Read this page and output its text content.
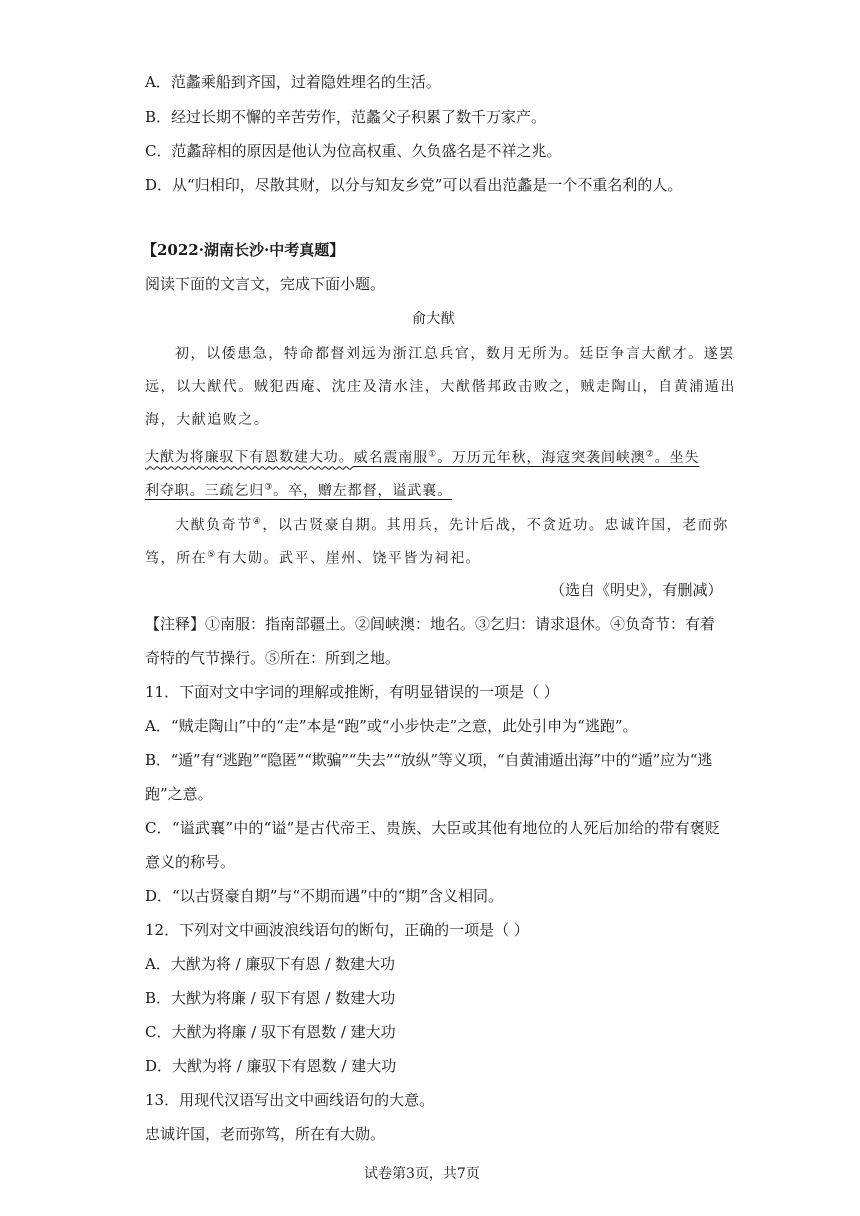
A．范蠡乘船到齐国，过着隐姓埋名的生活。
B．经过长期不懈的辛苦劳作，范蠡父子积累了数千万家产。
C．范蠡辞相的原因是他认为位高权重、久负盛名是不祥之兆。
D．从“归相印，尽散其财，以分与知友乡党”可以看出范蠡是一个不重名利的人。
【2022·湖南长沙·中考真题】
阅读下面的文言文，完成下面小题。
俞大猷
初，以倭患急，特命都督刘远为浙江总兵官，数月无所为。廷臣争言大猷才。遂罢
远，以大猷代。贼犯西庵、沈庄及清水洼，大猷偕邦政击败之，贼走陶山，自黄浦遁出
海，大献追败之。
大猷为将廉驭下有恩数建大功。威名震南服①。万历元年秋，海寇突袭闾峡澳②。坐失
利夺职。三疏乞归③。卒，赠左都督，谥武襄。
大猷负奇节④，以古贤豪自期。其用兵，先计后战，不贪近功。忠诚许国，老而弥
笃，所在⑤有大勋。武平、崖州、饶平皆为祠祀。
（选自《明史》，有删减）
【注释】①南服：指南部疆土。②闾峡澳：地名。③乞归：请求退休。④负奇节：有着
奇特的气节操行。⑤所在：所到之地。
11．下面对文中字词的理解或推断，有明显错误的一项是（ ）
A．“贼走陶山”中的“走”本是“跑”或“小步快走”之意，此处引申为“逃跑”。
B．“遁”有“逃跑”“隐匿”“欺骗”“失去”“放纵”等义项，“自黄浦遁出海”中的“遁”应为“逃
跑”之意。
C．“谥武襄”中的“谥”是古代帝王、贵族、大臣或其他有地位的人死后加给的带有褒贬
意义的称号。
D．“以古贤豪自期”与“不期而遇”中的“期”含义相同。
12．下列对文中画波浪线语句的断句，正确的一项是（ ）
A．大猷为将 / 廉驭下有恩 / 数建大功
B．大猷为将廉 / 驭下有恩 / 数建大功
C．大猷为将廉 / 驭下有恩数 / 建大功
D．大猷为将 / 廉驭下有恩数 / 建大功
13．用现代汉语写出文中画线语句的大意。
忠诚许国，老而弥笃，所在有大勋。
试卷第3页，共7页
